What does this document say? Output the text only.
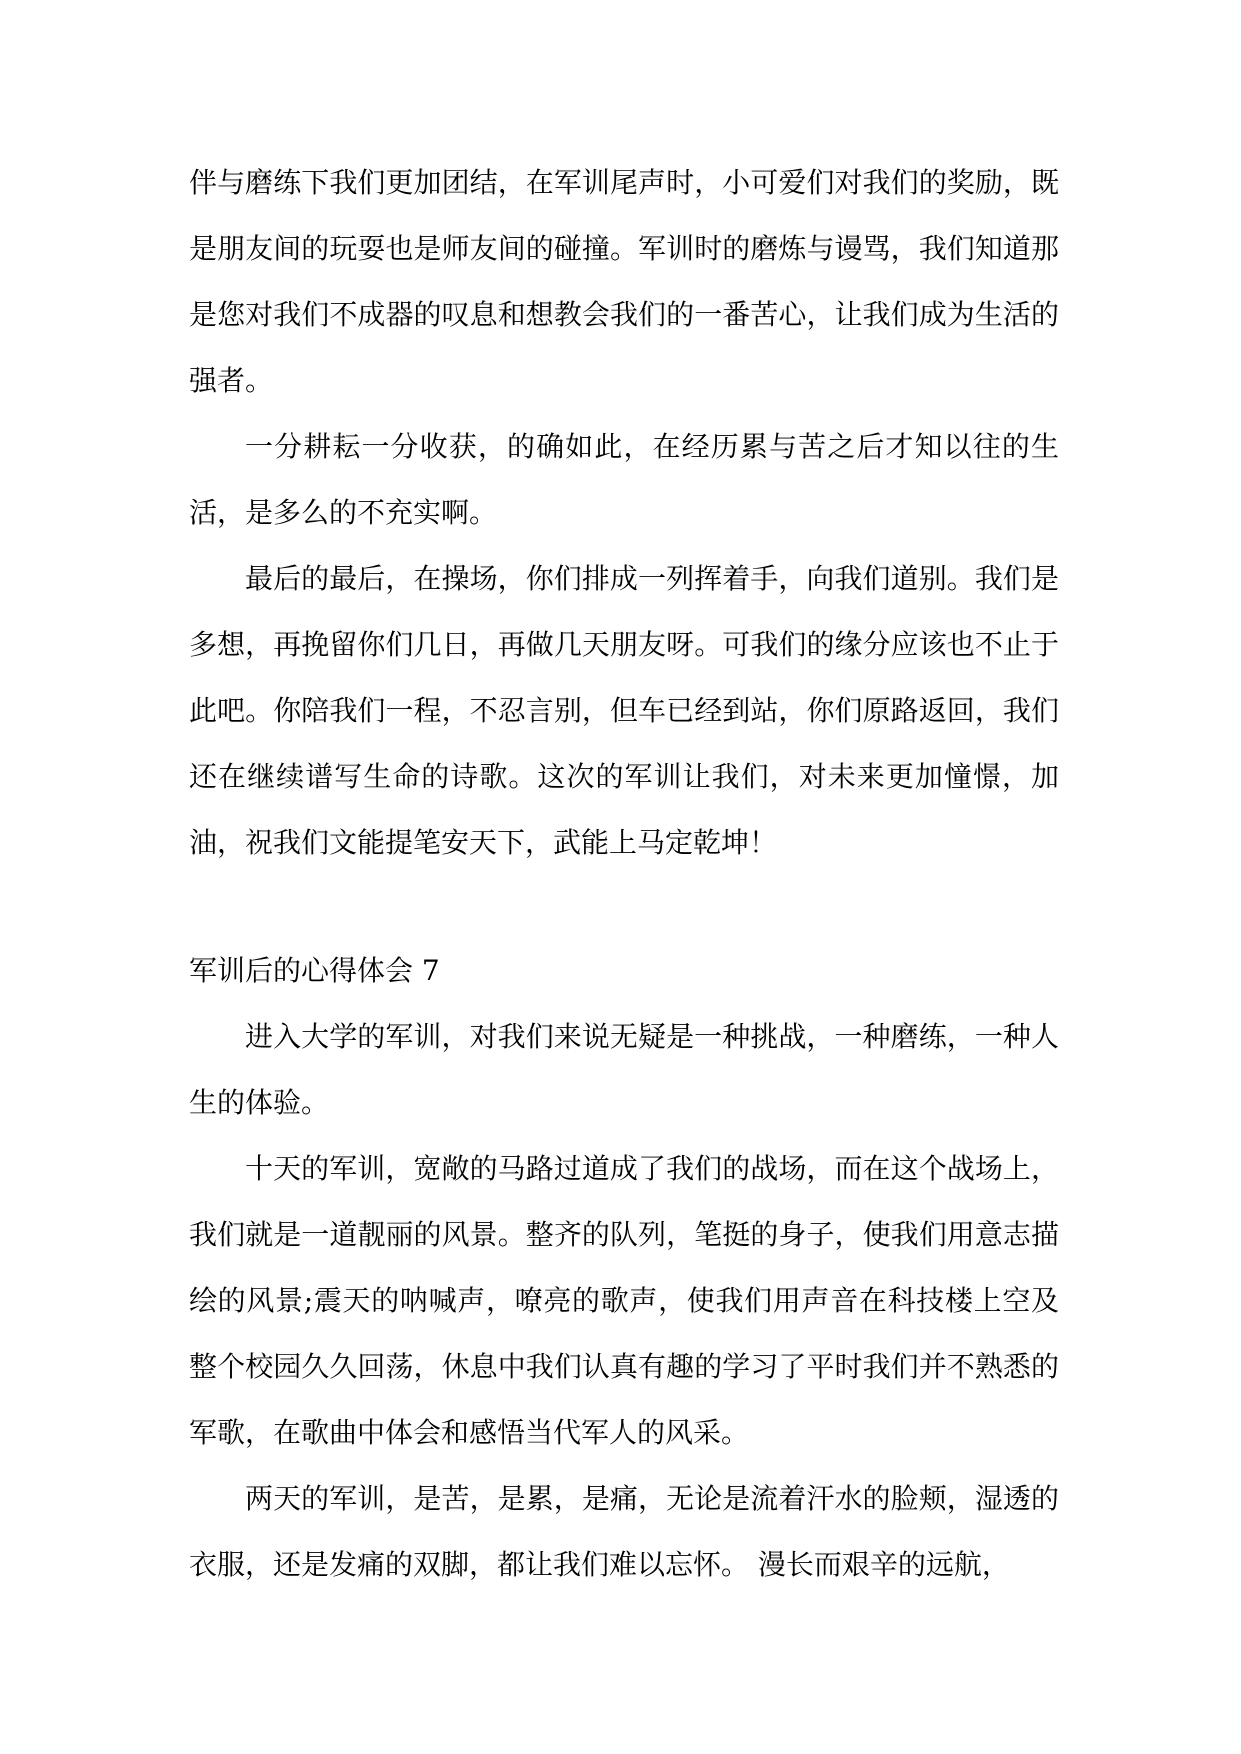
伴与磨练下我们更加团结，在军训尾声时，小可爱们对我们的奖励，既是朋友间的玩耍也是师友间的碰撞。军训时的磨炼与谩骂，我们知道那是您对我们不成器的叹息和想教会我们的一番苦心，让我们成为生活的强者。

一分耕耘一分收获，的确如此，在经历累与苦之后才知以往的生活，是多么的不充实啊。

最后的最后，在操场，你们排成一列挥着手，向我们道别。我们是多想，再挽留你们几日，再做几天朋友呀。可我们的缘分应该也不止于此吧。你陪我们一程，不忍言别，但车已经到站，你们原路返回，我们还在继续谱写生命的诗歌。这次的军训让我们，对未来更加憧憬，加油，祝我们文能提笔安天下，武能上马定乾坤！

军训后的心得体会 7

进入大学的军训，对我们来说无疑是一种挑战，一种磨练，一种人生的体验。

十天的军训，宽敞的马路过道成了我们的战场，而在这个战场上，我们就是一道靓丽的风景。整齐的队列，笔挺的身子，使我们用意志描绘的风景;震天的呐喊声，嘹亮的歌声，使我们用声音在科技楼上空及整个校园久久回荡，休息中我们认真有趣的学习了平时我们并不熟悉的军歌，在歌曲中体会和感悟当代军人的风采。

两天的军训，是苦，是累，是痛，无论是流着汗水的脸颊，湿透的衣服，还是发痛的双脚，都让我们难以忘怀。 漫长而艰辛的远航，
